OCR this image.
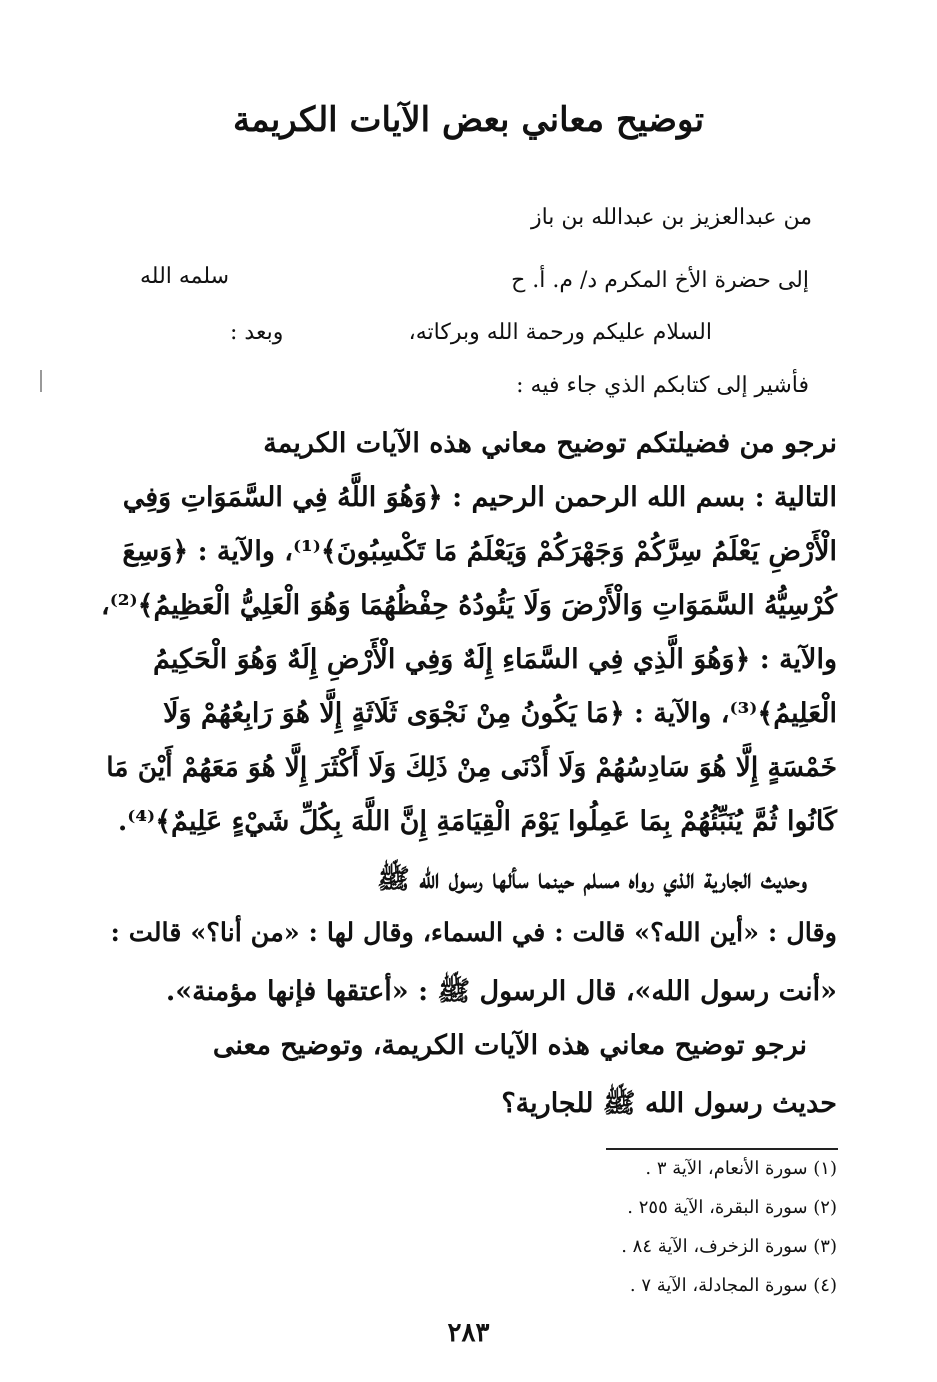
توضيح معاني بعض الآيات الكريمة
من عبدالعزيز بن عبدالله بن باز
إلى حضرة الأخ المكرم د/ م. أ. ح
سلمه الله
السلام عليكم ورحمة الله وبركاته،
وبعد :
فأشير إلى كتابكم الذي جاء فيه :
نرجو من فضيلتكم توضيح معاني هذه الآيات الكريمة
التالية : بسم الله الرحمن الرحيم : ﴿وَهُوَ اللَّهُ فِي السَّمَوَاتِ وَفِي
الْأَرْضِ يَعْلَمُ سِرَّكُمْ وَجَهْرَكُمْ وَيَعْلَمُ مَا تَكْسِبُونَ﴾⁽¹⁾، والآية : ﴿وَسِعَ
كُرْسِيُّهُ السَّمَوَاتِ وَالْأَرْضَ وَلَا يَئُودُهُ حِفْظُهُمَا وَهُوَ الْعَلِيُّ الْعَظِيمُ﴾⁽²⁾،
والآية : ﴿وَهُوَ الَّذِي فِي السَّمَاءِ إِلَهٌ وَفِي الْأَرْضِ إِلَهٌ وَهُوَ الْحَكِيمُ
الْعَلِيمُ﴾⁽³⁾، والآية : ﴿مَا يَكُونُ مِنْ نَجْوَى ثَلَاثَةٍ إِلَّا هُوَ رَابِعُهُمْ وَلَا
خَمْسَةٍ إِلَّا هُوَ سَادِسُهُمْ وَلَا أَدْنَى مِنْ ذَلِكَ وَلَا أَكْثَرَ إِلَّا هُوَ مَعَهُمْ أَيْنَ مَا
كَانُوا ثُمَّ يُنَبِّئُهُمْ بِمَا عَمِلُوا يَوْمَ الْقِيَامَةِ إِنَّ اللَّهَ بِكُلِّ شَيْءٍ عَلِيمٌ﴾⁽⁴⁾.
وحديث الجارية الذي رواه مسلم حينما سألها رسول الله ﷺ
وقال : «أين الله؟» قالت : في السماء، وقال لها : «من أنا؟» قالت :
«أنت رسول الله»، قال الرسول ﷺ : «أعتقها فإنها مؤمنة».
نرجو توضيح معاني هذه الآيات الكريمة، وتوضيح معنى
حديث رسول الله ﷺ للجارية؟
(١) سورة الأنعام، الآية ٣ .
(٢) سورة البقرة، الآية ٢٥٥ .
(٣) سورة الزخرف، الآية ٨٤ .
(٤) سورة المجادلة، الآية ٧ .
٢٨٣
